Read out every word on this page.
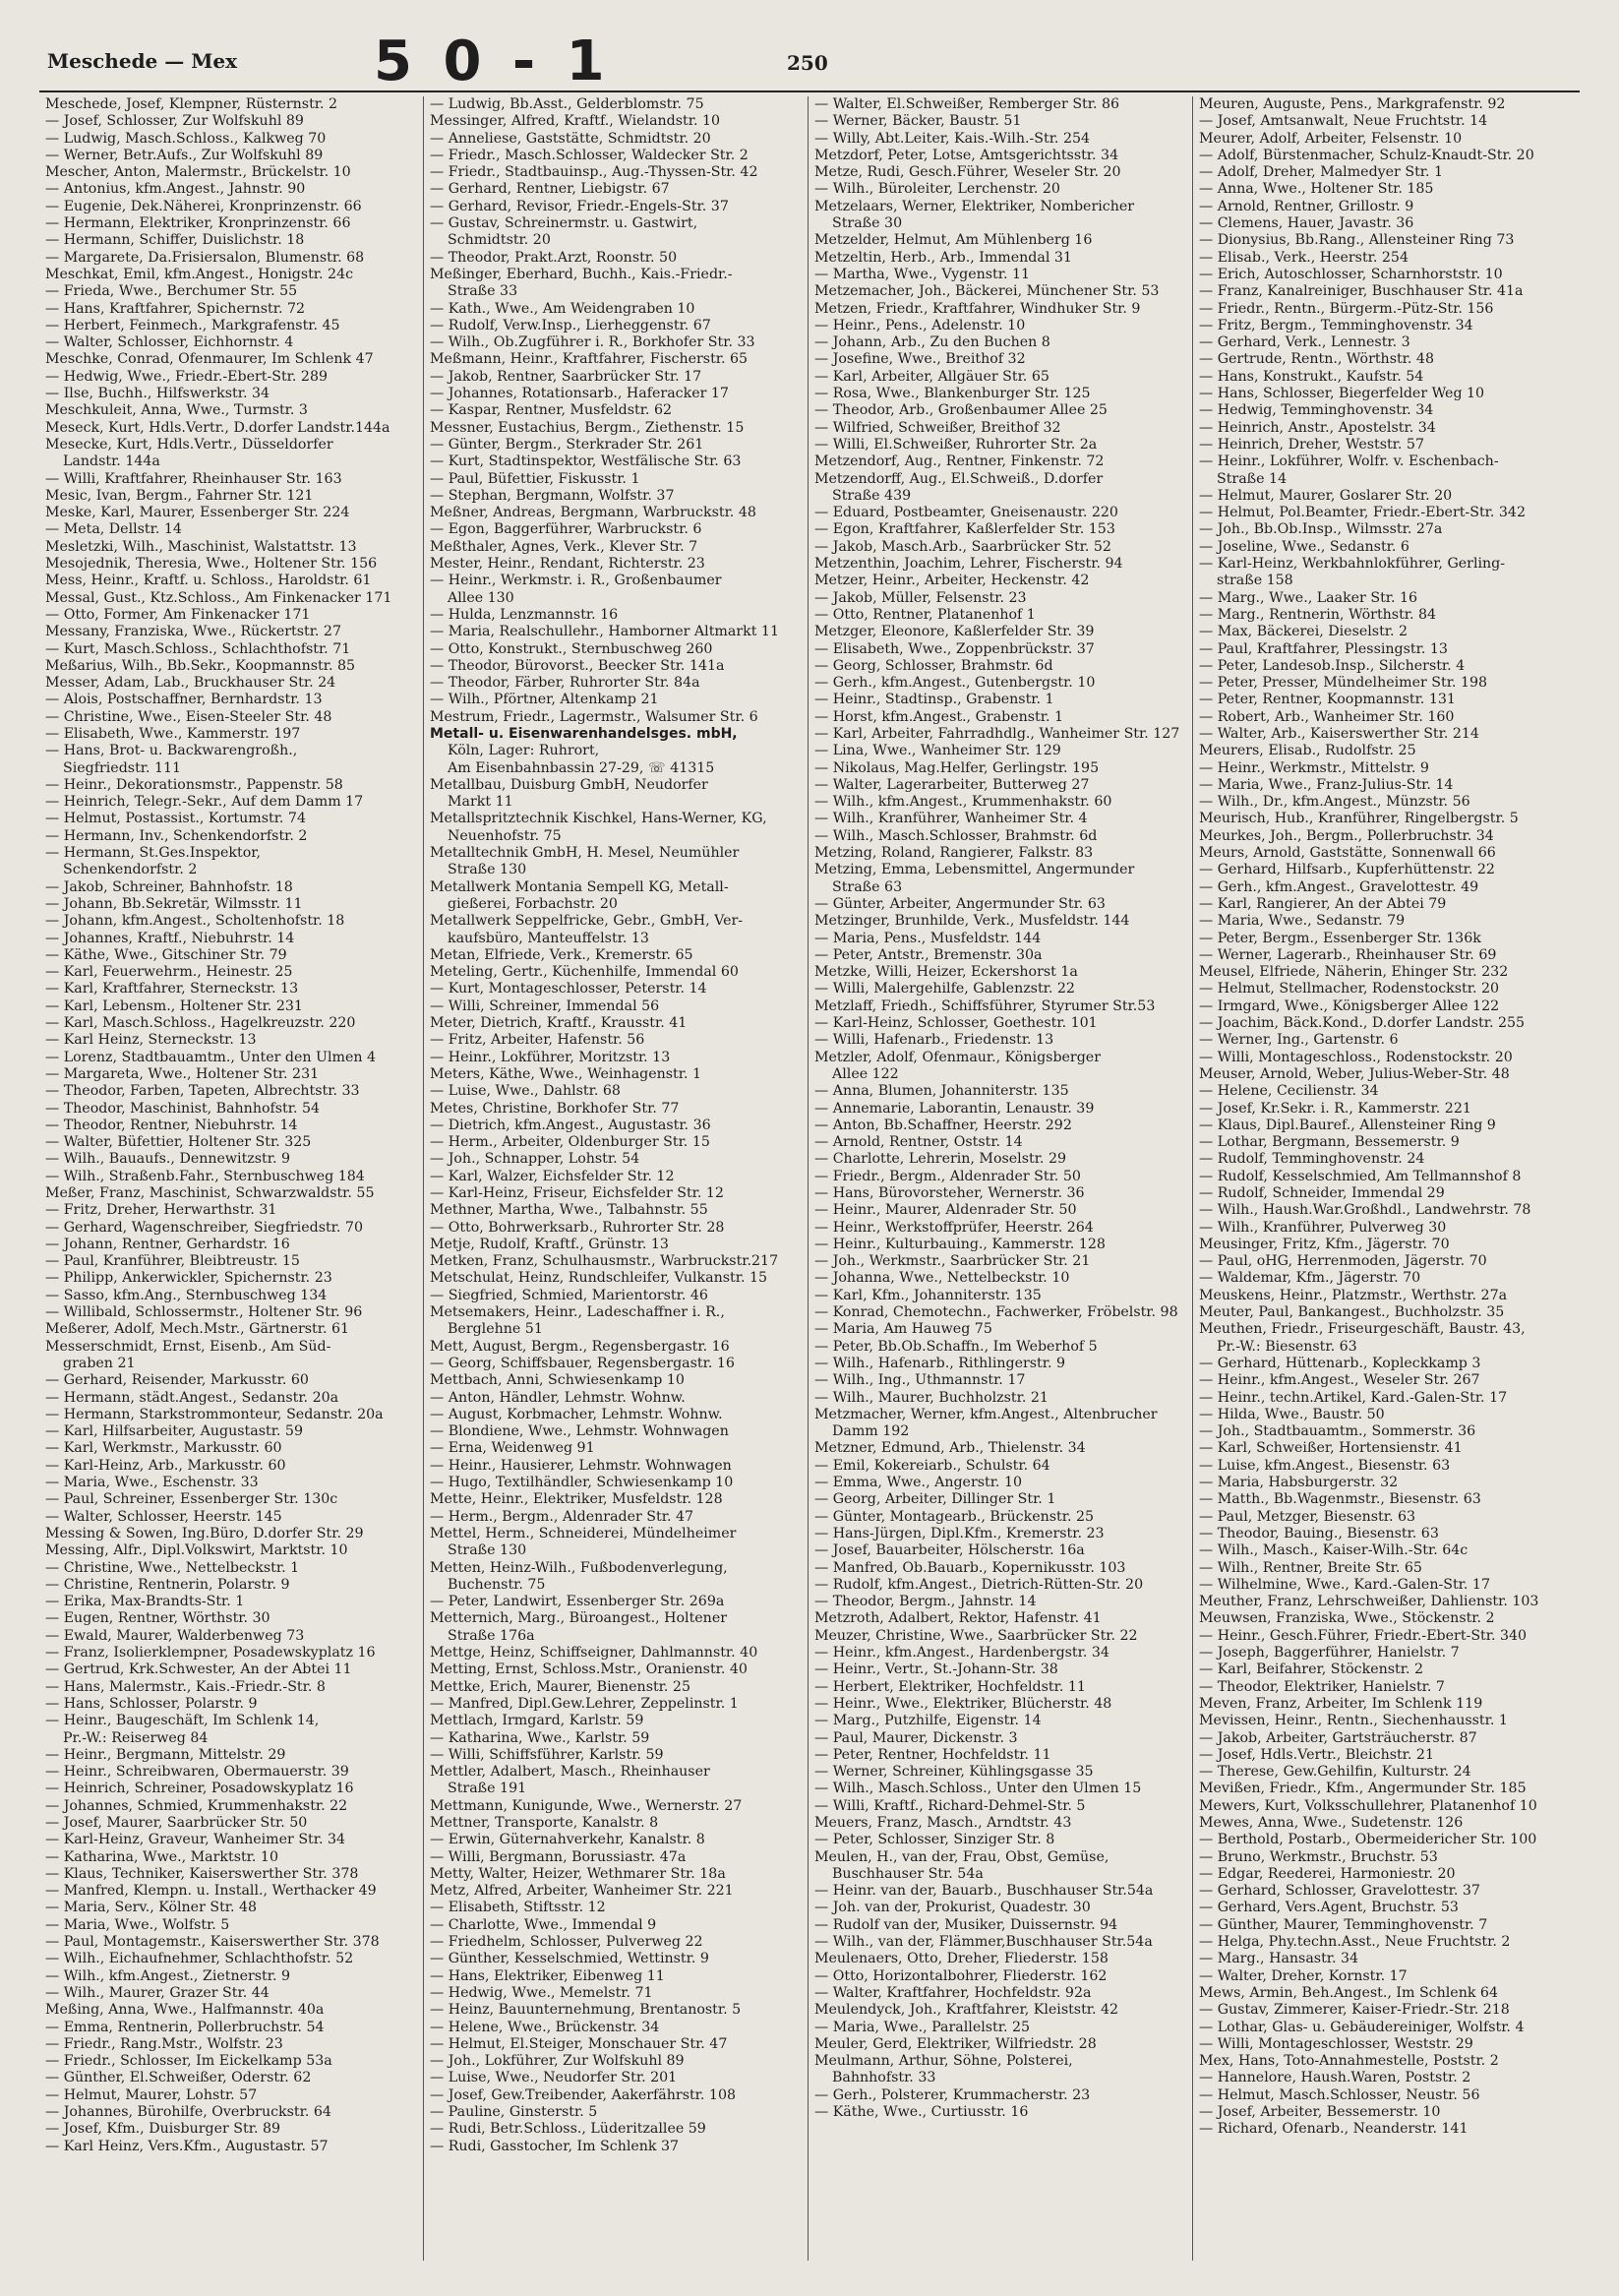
Meschede — Mex 5 0 - 1	250
Meschede, Josef, Klempner, Rüsternstr. 2
— Josef, Schlosser, Zur Wolfskuhl 89
— Ludwig, Masch.Schloss., Kalkweg 70
— Werner, Betr.Aufs., Zur Wolfskuhl 89
Mescher, Anton, Malermstr., Brückelstr. 10
— Antonius, kfm.Angest., Jahnstr. 90
— Eugenie, Dek.Näherei, Kronprinzenstr. 66
— Hermann, Elektriker, Kronprinzenstr. 66
— Hermann, Schiffer, Duislichstr. 18
— Margarete, Da.Frisiersalon, Blumenstr. 68
Meschkat, Emil, kfm.Angest., Honigstr. 24c
— Frieda, Wwe., Berchumer Str. 55
— Hans, Kraftfahrer, Spichernstr. 72
— Herbert, Feinmech., Markgrafenstr. 45
— Walter, Schlosser, Eichhornstr. 4
Meschke, Conrad, Ofenmaurer, Im Schlenk 47
— Hedwig, Wwe., Friedr.-Ebert-Str. 289
— Ilse, Buchh., Hilfswerkstr. 34
Meschkuleit, Anna, Wwe., Turmstr. 3
Meseck, Kurt, Hdls.Vertr., D.dorfer Landstr.144a
Mesecke, Kurt, Hdls.Vertr., Düsseldorfer
Landstr. 144a
— Willi, Kraftfahrer, Rheinhauser Str. 163
Mesic, Ivan, Bergm., Fahrner Str. 121
Meske, Karl, Maurer, Essenberger Str. 224
— Meta, Dellstr. 14
Mesletzki, Wilh., Maschinist, Walstattstr. 13
Mesojednik, Theresia, Wwe., Holtener Str. 156
Mess, Heinr., Kraftf. u. Schloss., Haroldstr. 61
Messal, Gust., Ktz.Schloss., Am Finkenacker 171
— Otto, Former, Am Finkenacker 171
Messany, Franziska, Wwe., Rückertstr. 27
— Kurt, Masch.Schloss., Schlachthofstr. 71
Meßarius, Wilh., Bb.Sekr., Koopmannstr. 85
Messer, Adam, Lab., Bruckhauser Str. 24
— Alois, Postschaffner, Bernhardstr. 13
— Christine, Wwe., Eisen-Steeler Str. 48
— Elisabeth, Wwe., Kammerstr. 197
— Hans, Brot- u. Backwarengroßh.,
Siegfriedstr. 111
— Heinr., Dekorationsmstr., Pappenstr. 58
— Heinrich, Telegr.-Sekr., Auf dem Damm 17
— Helmut, Postassist., Kortumstr. 74
— Hermann, Inv., Schenkendorfstr. 2
— Hermann, St.Ges.Inspektor,
Schenkendorfstr. 2
— Jakob, Schreiner, Bahnhofstr. 18
— Johann, Bb.Sekretär, Wilmsstr. 11
— Johann, kfm.Angest., Scholtenhofstr. 18
— Johannes, Kraftf., Niebuhrstr. 14
— Käthe, Wwe., Gitschiner Str. 79
— Karl, Feuerwehrm., Heinestr. 25
— Karl, Kraftfahrer, Sterneckstr. 13
— Karl, Lebensm., Holtener Str. 231
— Karl, Masch.Schloss., Hagelkreuzstr. 220
— Karl Heinz, Sterneckstr. 13
— Lorenz, Stadtbauamtm., Unter den Ulmen 4
— Margareta, Wwe., Holtener Str. 231
— Theodor, Farben, Tapeten, Albrechtstr. 33
— Theodor, Maschinist, Bahnhofstr. 54
— Theodor, Rentner, Niebuhrstr. 14
— Walter, Büfettier, Holtener Str. 325
— Wilh., Bauaufs., Dennewitzstr. 9
— Wilh., Straßenb.Fahr., Sternbuschweg 184
Meßer, Franz, Maschinist, Schwarzwaldstr. 55
— Fritz, Dreher, Herwarthstr. 31
— Gerhard, Wagenschreiber, Siegfriedstr. 70
— Johann, Rentner, Gerhardstr. 16
— Paul, Kranführer, Bleibtreustr. 15
— Philipp, Ankerwickler, Spichernstr. 23
— Sasso, kfm.Ang., Sternbuschweg 134
— Willibald, Schlossermstr., Holtener Str. 96
Meßerer, Adolf, Mech.Mstr., Gärtnerstr. 61
Messerschmidt, Ernst, Eisenb., Am Süd-
graben 21
— Gerhard, Reisender, Markusstr. 60
— Hermann, städt.Angest., Sedanstr. 20a
— Hermann, Starkstrommonteur, Sedanstr. 20a
— Karl, Hilfsarbeiter, Augustastr. 59
— Karl, Werkmstr., Markusstr. 60
— Karl-Heinz, Arb., Markusstr. 60
— Maria, Wwe., Eschenstr. 33
— Paul, Schreiner, Essenberger Str. 130c
— Walter, Schlosser, Heerstr. 145
Messing & Sowen, Ing.Büro, D.dorfer Str. 29
Messing, Alfr., Dipl.Volkswirt, Marktstr. 10
— Christine, Wwe., Nettelbeckstr. 1
— Christine, Rentnerin, Polarstr. 9
— Erika, Max-Brandts-Str. 1
— Eugen, Rentner, Wörthstr. 30
— Ewald, Maurer, Walderbenweg 73
— Franz, Isolierklempner, Posadewskyplatz 16
— Gertrud, Krk.Schwester, An der Abtei 11
— Hans, Malermstr., Kais.-Friedr.-Str. 8
— Hans, Schlosser, Polarstr. 9
— Heinr., Baugeschäft, Im Schlenk 14,
Pr.-W.: Reiserweg 84
— Heinr., Bergmann, Mittelstr. 29
— Heinr., Schreibwaren, Obermauerstr. 39
— Heinrich, Schreiner, Posadowskyplatz 16
— Johannes, Schmied, Krummenhakstr. 22
— Josef, Maurer, Saarbrücker Str. 50
— Karl-Heinz, Graveur, Wanheimer Str. 34
— Katharina, Wwe., Marktstr. 10
— Klaus, Techniker, Kaiserswerther Str. 378
— Manfred, Klempn. u. Install., Werthacker 49
— Maria, Serv., Kölner Str. 48
— Maria, Wwe., Wolfstr. 5
— Paul, Montagemstr., Kaiserswerther Str. 378
— Wilh., Eichaufnehmer, Schlachthofstr. 52
— Wilh., kfm.Angest., Zietnerstr. 9
— Wilh., Maurer, Grazer Str. 44
Meßing, Anna, Wwe., Halfmannstr. 40a
— Emma, Rentnerin, Pollerbruchstr. 54
— Friedr., Rang.Mstr., Wolfstr. 23
— Friedr., Schlosser, Im Eickelkamp 53a
— Günther, El.Schweißer, Oderstr. 62
— Helmut, Maurer, Lohstr. 57
— Johannes, Bürohilfe, Overbruckstr. 64
— Josef, Kfm., Duisburger Str. 89
— Karl Heinz, Vers.Kfm., Augustastr. 57
— Ludwig, Bb.Asst., Gelderblomstr. 75
Messinger, Alfred, Kraftf., Wielandstr. 10
— Anneliese, Gaststätte, Schmidtstr. 20
— Friedr., Masch.Schlosser, Waldecker Str. 2
— Friedr., Stadtbauinsp., Aug.-Thyssen-Str. 42
— Gerhard, Rentner, Liebigstr. 67
— Gerhard, Revisor, Friedr.-Engels-Str. 37
— Gustav, Schreinermstr. u. Gastwirt,
Schmidtstr. 20
— Theodor, Prakt.Arzt, Roonstr. 50
Meßinger, Eberhard, Buchh., Kais.-Friedr.-
Straße 33
— Kath., Wwe., Am Weidengraben 10
— Rudolf, Verw.Insp., Lierheggenstr. 67
— Wilh., Ob.Zugführer i. R., Borkhofer Str. 33
Meßmann, Heinr., Kraftfahrer, Fischerstr. 65
— Jakob, Rentner, Saarbrücker Str. 17
— Johannes, Rotationsarb., Haferacker 17
— Kaspar, Rentner, Musfeldstr. 62
Messner, Eustachius, Bergm., Ziethenstr. 15
— Günter, Bergm., Sterkrader Str. 261
— Kurt, Stadtinspektor, Westfälische Str. 63
— Paul, Büfettier, Fiskusstr. 1
— Stephan, Bergmann, Wolfstr. 37
Meßner, Andreas, Bergmann, Warbruckstr. 48
— Egon, Baggerführer, Warbruckstr. 6
Meßthaler, Agnes, Verk., Klever Str. 7
Mester, Heinr., Rendant, Richterstr. 23
— Heinr., Werkmstr. i. R., Großenbaumer
Allee 130
— Hulda, Lenzmannstr. 16
— Maria, Realschullehr., Hamborner Altmarkt 11
— Otto, Konstrukt., Sternbuschweg 260
— Theodor, Bürovorst., Beecker Str. 141a
— Theodor, Färber, Ruhrorter Str. 84a
— Wilh., Pförtner, Altenkamp 21
Mestrum, Friedr., Lagermstr., Walsumer Str. 6
Metall- u. Eisenwarenhandelsges. mbH,
Köln, Lager: Ruhrort,
Am Eisenbahnbassin 27-29, ☏ 41315
Metallbau, Duisburg GmbH, Neudorfer
Markt 11
Metallspritztechnik Kischkel, Hans-Werner, KG,
Neuenhofstr. 75
Metalltechnik GmbH, H. Mesel, Neumühler
Straße 130
Metallwerk Montania Sempell KG, Metall-
gießerei, Forbachstr. 20
Metallwerk Seppelfricke, Gebr., GmbH, Ver-
kaufsbüro, Manteuffelstr. 13
Metan, Elfriede, Verk., Kremerstr. 65
Meteling, Gertr., Küchenhilfe, Immendal 60
— Kurt, Montageschlosser, Peterstr. 14
— Willi, Schreiner, Immendal 56
Meter, Dietrich, Kraftf., Krausstr. 41
— Fritz, Arbeiter, Hafenstr. 56
— Heinr., Lokführer, Moritzstr. 13
Meters, Käthe, Wwe., Weinhagenstr. 1
— Luise, Wwe., Dahlstr. 68
Metes, Christine, Borkhofer Str. 77
— Dietrich, kfm.Angest., Augustastr. 36
— Herm., Arbeiter, Oldenburger Str. 15
— Joh., Schnapper, Lohstr. 54
— Karl, Walzer, Eichsfelder Str. 12
— Karl-Heinz, Friseur, Eichsfelder Str. 12
Methner, Martha, Wwe., Talbahnstr. 55
— Otto, Bohrwerksarb., Ruhrorter Str. 28
Metje, Rudolf, Kraftf., Grünstr. 13
Metken, Franz, Schulhausmstr., Warbruckstr.217
Metschulat, Heinz, Rundschleifer, Vulkanstr. 15
— Siegfried, Schmied, Marientorstr. 46
Metsemakers, Heinr., Ladeschaffner i. R.,
Berglehne 51
Mett, August, Bergm., Regensbergastr. 16
— Georg, Schiffsbauer, Regensbergastr. 16
Mettbach, Anni, Schwiesenkamp 10
— Anton, Händler, Lehmstr. Wohnw.
— August, Korbmacher, Lehmstr. Wohnw.
— Blondiene, Wwe., Lehmstr. Wohnwagen
— Erna, Weidenweg 91
— Heinr., Hausierer, Lehmstr. Wohnwagen
— Hugo, Textilhändler, Schwiesenkamp 10
Mette, Heinr., Elektriker, Musfeldstr. 128
— Herm., Bergm., Aldenrader Str. 47
Mettel, Herm., Schneiderei, Mündelheimer
Straße 130
Metten, Heinz-Wilh., Fußbodenverlegung,
Buchenstr. 75
— Peter, Landwirt, Essenberger Str. 269a
Metternich, Marg., Büroangest., Holtener
Straße 176a
Mettge, Heinz, Schiffseigner, Dahlmannstr. 40
Metting, Ernst, Schloss.Mstr., Oranienstr. 40
Mettke, Erich, Maurer, Bienenstr. 25
— Manfred, Dipl.Gew.Lehrer, Zeppelinstr. 1
Mettlach, Irmgard, Karlstr. 59
— Katharina, Wwe., Karlstr. 59
— Willi, Schiffsführer, Karlstr. 59
Mettler, Adalbert, Masch., Rheinhauser
Straße 191
Mettmann, Kunigunde, Wwe., Wernerstr. 27
Mettner, Transporte, Kanalstr. 8
— Erwin, Güternahverkehr, Kanalstr. 8
— Willi, Bergmann, Borussiastr. 47a
Metty, Walter, Heizer, Wethmarer Str. 18a
Metz, Alfred, Arbeiter, Wanheimer Str. 221
— Elisabeth, Stiftsstr. 12
— Charlotte, Wwe., Immendal 9
— Friedhelm, Schlosser, Pulverweg 22
— Günther, Kesselschmied, Wettinstr. 9
— Hans, Elektriker, Eibenweg 11
— Hedwig, Wwe., Memelstr. 71
— Heinz, Bauunternehmung, Brentanostr. 5
— Helene, Wwe., Brückenstr. 34
— Helmut, El.Steiger, Monschauer Str. 47
— Joh., Lokführer, Zur Wolfskuhl 89
— Luise, Wwe., Neudorfer Str. 201
— Josef, Gew.Treibender, Aakerfährstr. 108
— Pauline, Ginsterstr. 5
— Rudi, Betr.Schloss., Lüderitzallee 59
— Rudi, Gasstocher, Im Schlenk 37
— Walter, El.Schweißer, Remberger Str. 86
— Werner, Bäcker, Baustr. 51
— Willy, Abt.Leiter, Kais.-Wilh.-Str. 254
Metzdorf, Peter, Lotse, Amtsgerichtsstr. 34
Metze, Rudi, Gesch.Führer, Weseler Str. 20
— Wilh., Büroleiter, Lerchenstr. 20
Metzelaars, Werner, Elektriker, Nombericher
Straße 30
Metzelder, Helmut, Am Mühlenberg 16
Metzeltin, Herb., Arb., Immendal 31
— Martha, Wwe., Vygenstr. 11
Metzemacher, Joh., Bäckerei, Münchener Str. 53
Metzen, Friedr., Kraftfahrer, Windhuker Str. 9
— Heinr., Pens., Adelenstr. 10
— Johann, Arb., Zu den Buchen 8
— Josefine, Wwe., Breithof 32
— Karl, Arbeiter, Allgäuer Str. 65
— Rosa, Wwe., Blankenburger Str. 125
— Theodor, Arb., Großenbaumer Allee 25
— Wilfried, Schweißer, Breithof 32
— Willi, El.Schweißer, Ruhrorter Str. 2a
Metzendorf, Aug., Rentner, Finkenstr. 72
Metzendorff, Aug., El.Schweiß., D.dorfer
Straße 439
— Eduard, Postbeamter, Gneisenaustr. 220
— Egon, Kraftfahrer, Kaßlerfelder Str. 153
— Jakob, Masch.Arb., Saarbrücker Str. 52
Metzenthin, Joachim, Lehrer, Fischerstr. 94
Metzer, Heinr., Arbeiter, Heckenstr. 42
— Jakob, Müller, Felsenstr. 23
— Otto, Rentner, Platanenhof 1
Metzger, Eleonore, Kaßlerfelder Str. 39
— Elisabeth, Wwe., Zoppenbrückstr. 37
— Georg, Schlosser, Brahmstr. 6d
— Gerh., kfm.Angest., Gutenbergstr. 10
— Heinr., Stadtinsp., Grabenstr. 1
— Horst, kfm.Angest., Grabenstr. 1
— Karl, Arbeiter, Fahrradhdlg., Wanheimer Str. 127
— Lina, Wwe., Wanheimer Str. 129
— Nikolaus, Mag.Helfer, Gerlingstr. 195
— Walter, Lagerarbeiter, Butterweg 27
— Wilh., kfm.Angest., Krummenhakstr. 60
— Wilh., Kranführer, Wanheimer Str. 4
— Wilh., Masch.Schlosser, Brahmstr. 6d
Metzing, Roland, Rangierer, Falkstr. 83
Metzing, Emma, Lebensmittel, Angermunder
Straße 63
— Günter, Arbeiter, Angermunder Str. 63
Metzinger, Brunhilde, Verk., Musfeldstr. 144
— Maria, Pens., Musfeldstr. 144
— Peter, Antstr., Bremenstr. 30a
Metzke, Willi, Heizer, Eckershorst 1a
— Willi, Malergehilfe, Gablenzstr. 22
Metzlaff, Friedh., Schiffsführer, Styrumer Str.53
— Karl-Heinz, Schlosser, Goethestr. 101
— Willi, Hafenarb., Friedenstr. 13
Metzler, Adolf, Ofenmaur., Königsberger
Allee 122
— Anna, Blumen, Johanniterstr. 135
— Annemarie, Laborantin, Lenaustr. 39
— Anton, Bb.Schaffner, Heerstr. 292
— Arnold, Rentner, Oststr. 14
— Charlotte, Lehrerin, Moselstr. 29
— Friedr., Bergm., Aldenrader Str. 50
— Hans, Bürovorsteher, Wernerstr. 36
— Heinr., Maurer, Aldenrader Str. 50
— Heinr., Werkstoffprüfer, Heerstr. 264
— Heinr., Kulturbauing., Kammerstr. 128
— Joh., Werkmstr., Saarbrücker Str. 21
— Johanna, Wwe., Nettelbeckstr. 10
— Karl, Kfm., Johanniterstr. 135
— Konrad, Chemotechn., Fachwerker, Fröbelstr. 98
— Maria, Am Hauweg 75
— Peter, Bb.Ob.Schaffn., Im Weberhof 5
— Wilh., Hafenarb., Rithlingerstr. 9
— Wilh., Ing., Uthmannstr. 17
— Wilh., Maurer, Buchholzstr. 21
Metzmacher, Werner, kfm.Angest., Altenbrucher
Damm 192
Metzner, Edmund, Arb., Thielenstr. 34
— Emil, Kokereiarb., Schulstr. 64
— Emma, Wwe., Angerstr. 10
— Georg, Arbeiter, Dillinger Str. 1
— Günter, Montagearb., Brückenstr. 25
— Hans-Jürgen, Dipl.Kfm., Kremerstr. 23
— Josef, Bauarbeiter, Hölscherstr. 16a
— Manfred, Ob.Bauarb., Kopernikusstr. 103
— Rudolf, kfm.Angest., Dietrich-Rütten-Str. 20
— Theodor, Bergm., Jahnstr. 14
Metzroth, Adalbert, Rektor, Hafenstr. 41
Meuzer, Christine, Wwe., Saarbrücker Str. 22
— Heinr., kfm.Angest., Hardenbergstr. 34
— Heinr., Vertr., St.-Johann-Str. 38
— Herbert, Elektriker, Hochfeldstr. 11
— Heinr., Wwe., Elektriker, Blücherstr. 48
— Marg., Putzhilfe, Eigenstr. 14
— Paul, Maurer, Dickenstr. 3
— Peter, Rentner, Hochfeldstr. 11
— Werner, Schreiner, Kühlingsgasse 35
— Wilh., Masch.Schloss., Unter den Ulmen 15
— Willi, Kraftf., Richard-Dehmel-Str. 5
Meuers, Franz, Masch., Arndtstr. 43
— Peter, Schlosser, Sinziger Str. 8
Meulen, H., van der, Frau, Obst, Gemüse,
Buschhauser Str. 54a
— Heinr. van der, Bauarb., Buschhauser Str.54a
— Joh. van der, Prokurist, Quadestr. 30
— Rudolf van der, Musiker, Duissernstr. 94
— Wilh., van der, Flämmer,Buschhauser Str.54a
Meulenaers, Otto, Dreher, Fliederstr. 158
— Otto, Horizontalbohrer, Fliederstr. 162
— Walter, Kraftfahrer, Hochfeldstr. 92a
Meulendyck, Joh., Kraftfahrer, Kleiststr. 42
— Maria, Wwe., Parallelstr. 25
Meuler, Gerd, Elektriker, Wilfriedstr. 28
Meulmann, Arthur, Söhne, Polsterei,
Bahnhofstr. 33
— Gerh., Polsterer, Krummacherstr. 23
— Käthe, Wwe., Curtiusstr. 16
Meuren, Auguste, Pens., Markgrafenstr. 92
— Josef, Amtsanwalt, Neue Fruchtstr. 14
Meurer, Adolf, Arbeiter, Felsenstr. 10
— Adolf, Bürstenmacher, Schulz-Knaudt-Str. 20
— Adolf, Dreher, Malmedyer Str. 1
— Anna, Wwe., Holtener Str. 185
— Arnold, Rentner, Grillostr. 9
— Clemens, Hauer, Javastr. 36
— Dionysius, Bb.Rang., Allensteiner Ring 73
— Elisab., Verk., Heerstr. 254
— Erich, Autoschlosser, Scharnhorststr. 10
— Franz, Kanalreiniger, Buschhauser Str. 41a
— Friedr., Rentn., Bürgerm.-Pütz-Str. 156
— Fritz, Bergm., Temminghovenstr. 34
— Gerhard, Verk., Lennestr. 3
— Gertrude, Rentn., Wörthstr. 48
— Hans, Konstrukt., Kaufstr. 54
— Hans, Schlosser, Biegerfelder Weg 10
— Hedwig, Temminghovenstr. 34
— Heinrich, Anstr., Apostelstr. 34
— Heinrich, Dreher, Weststr. 57
— Heinr., Lokführer, Wolfr. v. Eschenbach-
Straße 14
— Helmut, Maurer, Goslarer Str. 20
— Helmut, Pol.Beamter, Friedr.-Ebert-Str. 342
— Joh., Bb.Ob.Insp., Wilmsstr. 27a
— Joseline, Wwe., Sedanstr. 6
— Karl-Heinz, Werkbahnlokführer, Gerling-
straße 158
— Marg., Wwe., Laaker Str. 16
— Marg., Rentnerin, Wörthstr. 84
— Max, Bäckerei, Dieselstr. 2
— Paul, Kraftfahrer, Plessingstr. 13
— Peter, Landesob.Insp., Silcherstr. 4
— Peter, Presser, Mündelheimer Str. 198
— Peter, Rentner, Koopmannstr. 131
— Robert, Arb., Wanheimer Str. 160
— Walter, Arb., Kaiserswerther Str. 214
Meurers, Elisab., Rudolfstr. 25
— Heinr., Werkmstr., Mittelstr. 9
— Maria, Wwe., Franz-Julius-Str. 14
— Wilh., Dr., kfm.Angest., Münzstr. 56
Meurisch, Hub., Kranführer, Ringelbergstr. 5
Meurkes, Joh., Bergm., Pollerbruchstr. 34
Meurs, Arnold, Gaststätte, Sonnenwall 66
— Gerhard, Hilfsarb., Kupferhüttenstr. 22
— Gerh., kfm.Angest., Gravelottestr. 49
— Karl, Rangierer, An der Abtei 79
— Maria, Wwe., Sedanstr. 79
— Peter, Bergm., Essenberger Str. 136k
— Werner, Lagerarb., Rheinhauser Str. 69
Meusel, Elfriede, Näherin, Ehinger Str. 232
— Helmut, Stellmacher, Rodenstockstr. 20
— Irmgard, Wwe., Königsberger Allee 122
— Joachim, Bäck.Kond., D.dorfer Landstr. 255
— Werner, Ing., Gartenstr. 6
— Willi, Montageschloss., Rodenstockstr. 20
Meuser, Arnold, Weber, Julius-Weber-Str. 48
— Helene, Cecilienstr. 34
— Josef, Kr.Sekr. i. R., Kammerstr. 221
— Klaus, Dipl.Bauref., Allensteiner Ring 9
— Lothar, Bergmann, Bessemerstr. 9
— Rudolf, Temminghovenstr. 24
— Rudolf, Kesselschmied, Am Tellmannshof 8
— Rudolf, Schneider, Immendal 29
— Wilh., Haush.War.Großhdl., Landwehrstr. 78
— Wilh., Kranführer, Pulverweg 30
Meusinger, Fritz, Kfm., Jägerstr. 70
— Paul, oHG, Herrenmoden, Jägerstr. 70
— Waldemar, Kfm., Jägerstr. 70
Meuskens, Heinr., Platzmstr., Werthstr. 27a
Meuter, Paul, Bankangest., Buchholzstr. 35
Meuthen, Friedr., Friseurgeschäft, Baustr. 43,
Pr.-W.: Biesenstr. 63
— Gerhard, Hüttenarb., Kopleckkamp 3
— Heinr., kfm.Angest., Weseler Str. 267
— Heinr., techn.Artikel, Kard.-Galen-Str. 17
— Hilda, Wwe., Baustr. 50
— Joh., Stadtbauamtm., Sommerstr. 36
— Karl, Schweißer, Hortensienstr. 41
— Luise, kfm.Angest., Biesenstr. 63
— Maria, Habsburgerstr. 32
— Matth., Bb.Wagenmstr., Biesenstr. 63
— Paul, Metzger, Biesenstr. 63
— Theodor, Bauing., Biesenstr. 63
— Wilh., Masch., Kaiser-Wilh.-Str. 64c
— Wilh., Rentner, Breite Str. 65
— Wilhelmine, Wwe., Kard.-Galen-Str. 17
Meuther, Franz, Lehrschweißer, Dahlienstr. 103
Meuwsen, Franziska, Wwe., Stöckenstr. 2
— Heinr., Gesch.Führer, Friedr.-Ebert-Str. 340
— Joseph, Baggerführer, Hanielstr. 7
— Karl, Beifahrer, Stöckenstr. 2
— Theodor, Elektriker, Hanielstr. 7
Meven, Franz, Arbeiter, Im Schlenk 119
Mevissen, Heinr., Rentn., Siechenhausstr. 1
— Jakob, Arbeiter, Gartsträucherstr. 87
— Josef, Hdls.Vertr., Bleichstr. 21
— Therese, Gew.Gehilfin, Kulturstr. 24
Mevißen, Friedr., Kfm., Angermunder Str. 185
Mewers, Kurt, Volksschullehrer, Platanenhof 10
Mewes, Anna, Wwe., Sudetenstr. 126
— Berthold, Postarb., Obermeidericher Str. 100
— Bruno, Werkmstr., Bruchstr. 53
— Edgar, Reederei, Harmoniestr. 20
— Gerhard, Schlosser, Gravelottestr. 37
— Gerhard, Vers.Agent, Bruchstr. 53
— Günther, Maurer, Temminghovenstr. 7
— Helga, Phy.techn.Asst., Neue Fruchtstr. 2
— Marg., Hansastr. 34
— Walter, Dreher, Kornstr. 17
Mews, Armin, Beh.Angest., Im Schlenk 64
— Gustav, Zimmerer, Kaiser-Friedr.-Str. 218
— Lothar, Glas- u. Gebäudereiniger, Wolfstr. 4
— Willi, Montageschlosser, Weststr. 29
Mex, Hans, Toto-Annahmestelle, Poststr. 2
— Hannelore, Haush.Waren, Poststr. 2
— Helmut, Masch.Schlosser, Neustr. 56
— Josef, Arbeiter, Bessemerstr. 10
— Richard, Ofenarb., Neanderstr. 141
